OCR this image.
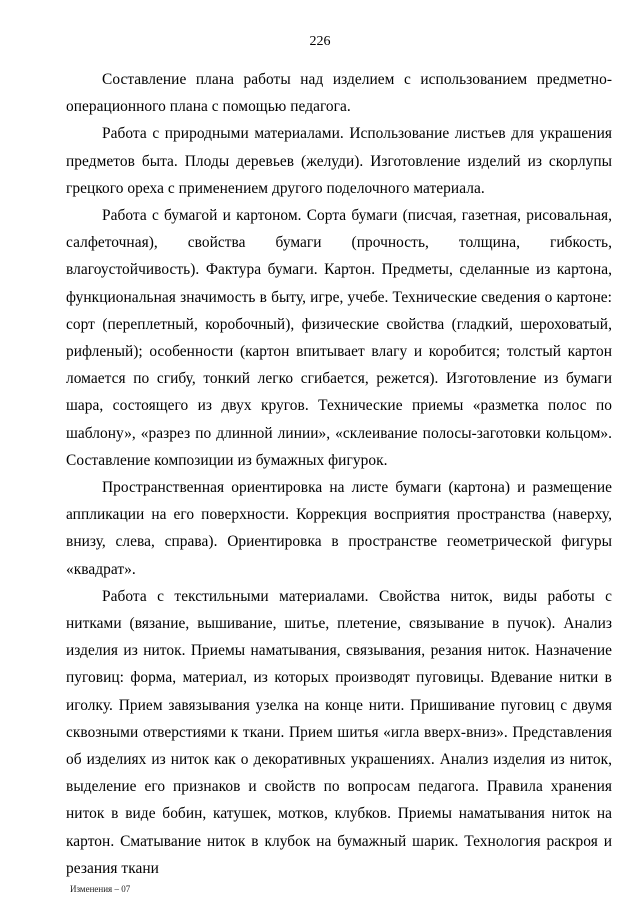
226

Составление плана работы над изделием с использованием предметно-операционного плана с помощью педагога.

Работа с природными материалами. Использование листьев для украшения предметов быта. Плоды деревьев (желуди). Изготовление изделий из скорлупы грецкого ореха с применением другого поделочного материала.

Работа с бумагой и картоном. Сорта бумаги (писчая, газетная, рисовальная, салфеточная), свойства бумаги (прочность, толщина, гибкость, влагоустойчивость). Фактура бумаги. Картон. Предметы, сделанные из картона, функциональная значимость в быту, игре, учебе. Технические сведения о картоне: сорт (переплетный, коробочный), физические свойства (гладкий, шероховатый, рифленый); особенности (картон впитывает влагу и коробится; толстый картон ломается по сгибу, тонкий легко сгибается, режется). Изготовление из бумаги шара, состоящего из двух кругов. Технические приемы «разметка полос по шаблону», «разрез по длинной линии», «склеивание полосы-заготовки кольцом». Составление композиции из бумажных фигурок.

Пространственная ориентировка на листе бумаги (картона) и размещение аппликации на его поверхности. Коррекция восприятия пространства (наверху, внизу, слева, справа). Ориентировка в пространстве геометрической фигуры «квадрат».

Работа с текстильными материалами. Свойства ниток, виды работы с нитками (вязание, вышивание, шитье, плетение, связывание в пучок). Анализ изделия из ниток. Приемы наматывания, связывания, резания ниток. Назначение пуговиц: форма, материал, из которых производят пуговицы. Вдевание нитки в иголку. Прием завязывания узелка на конце нити. Пришивание пуговиц с двумя сквозными отверстиями к ткани. Прием шитья «игла вверх-вниз». Представления об изделиях из ниток как о декоративных украшениях. Анализ изделия из ниток, выделение его признаков и свойств по вопросам педагога. Правила хранения ниток в виде бобин, катушек, мотков, клубков. Приемы наматывания ниток на картон. Сматывание ниток в клубок на бумажный шарик. Технология раскроя и резания ткани

Изменения – 07
